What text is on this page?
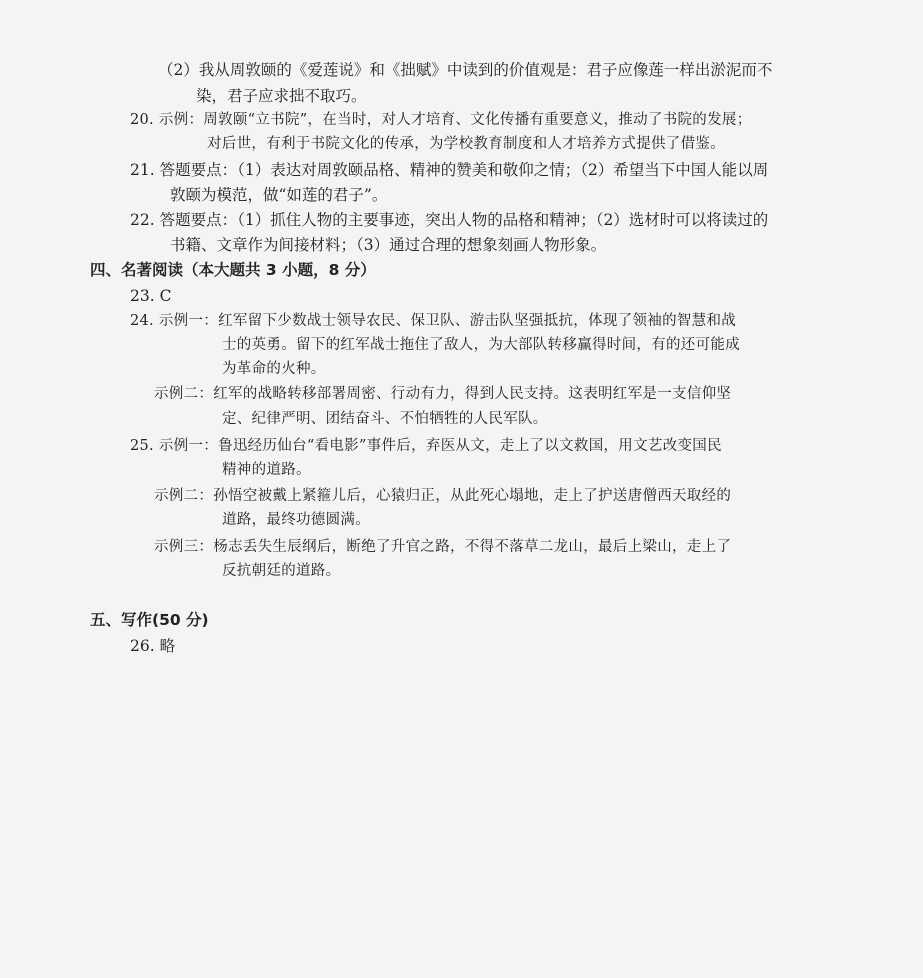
（2）我从周敦颐的《爱莲说》和《拙赋》中读到的价值观是：君子应像莲一样出淤泥而不
染，君子应求拙不取巧。
20. 示例：周敦颐“立书院”，在当时，对人才培育、文化传播有重要意义，推动了书院的发展；
对后世，有利于书院文化的传承，为学校教育制度和人才培养方式提供了借鉴。
21. 答题要点：（1）表达对周敦颐品格、精神的赞美和敬仰之情；（2）希望当下中国人能以周
敦颐为模范，做“如莲的君子”。
22. 答题要点：（1）抓住人物的主要事迹，突出人物的品格和精神；（2）选材时可以将读过的
书籍、文章作为间接材料；（3）通过合理的想象刻画人物形象。
四、名著阅读（本大题共 3 小题，8 分）
23. C
24. 示例一：红军留下少数战士领导农民、保卫队、游击队坚强抵抗，体现了领袖的智慧和战
士的英勇。留下的红军战士拖住了敌人，为大部队转移赢得时间，有的还可能成
为革命的火种。
示例二：红军的战略转移部署周密、行动有力，得到人民支持。这表明红军是一支信仰坚
定、纪律严明、团结奋斗、不怕牺牲的人民军队。
25. 示例一：鲁迅经历仙台“看电影”事件后，弃医从文，走上了以文救国，用文艺改变国民
精神的道路。
示例二：孙悟空被戴上紧箍儿后，心猿归正，从此死心塌地，走上了护送唐僧西天取经的
道路，最终功德圆满。
示例三：杨志丢失生辰纲后，断绝了升官之路，不得不落草二龙山，最后上梁山，走上了
反抗朝廷的道路。
五、写作(50 分)
26. 略
